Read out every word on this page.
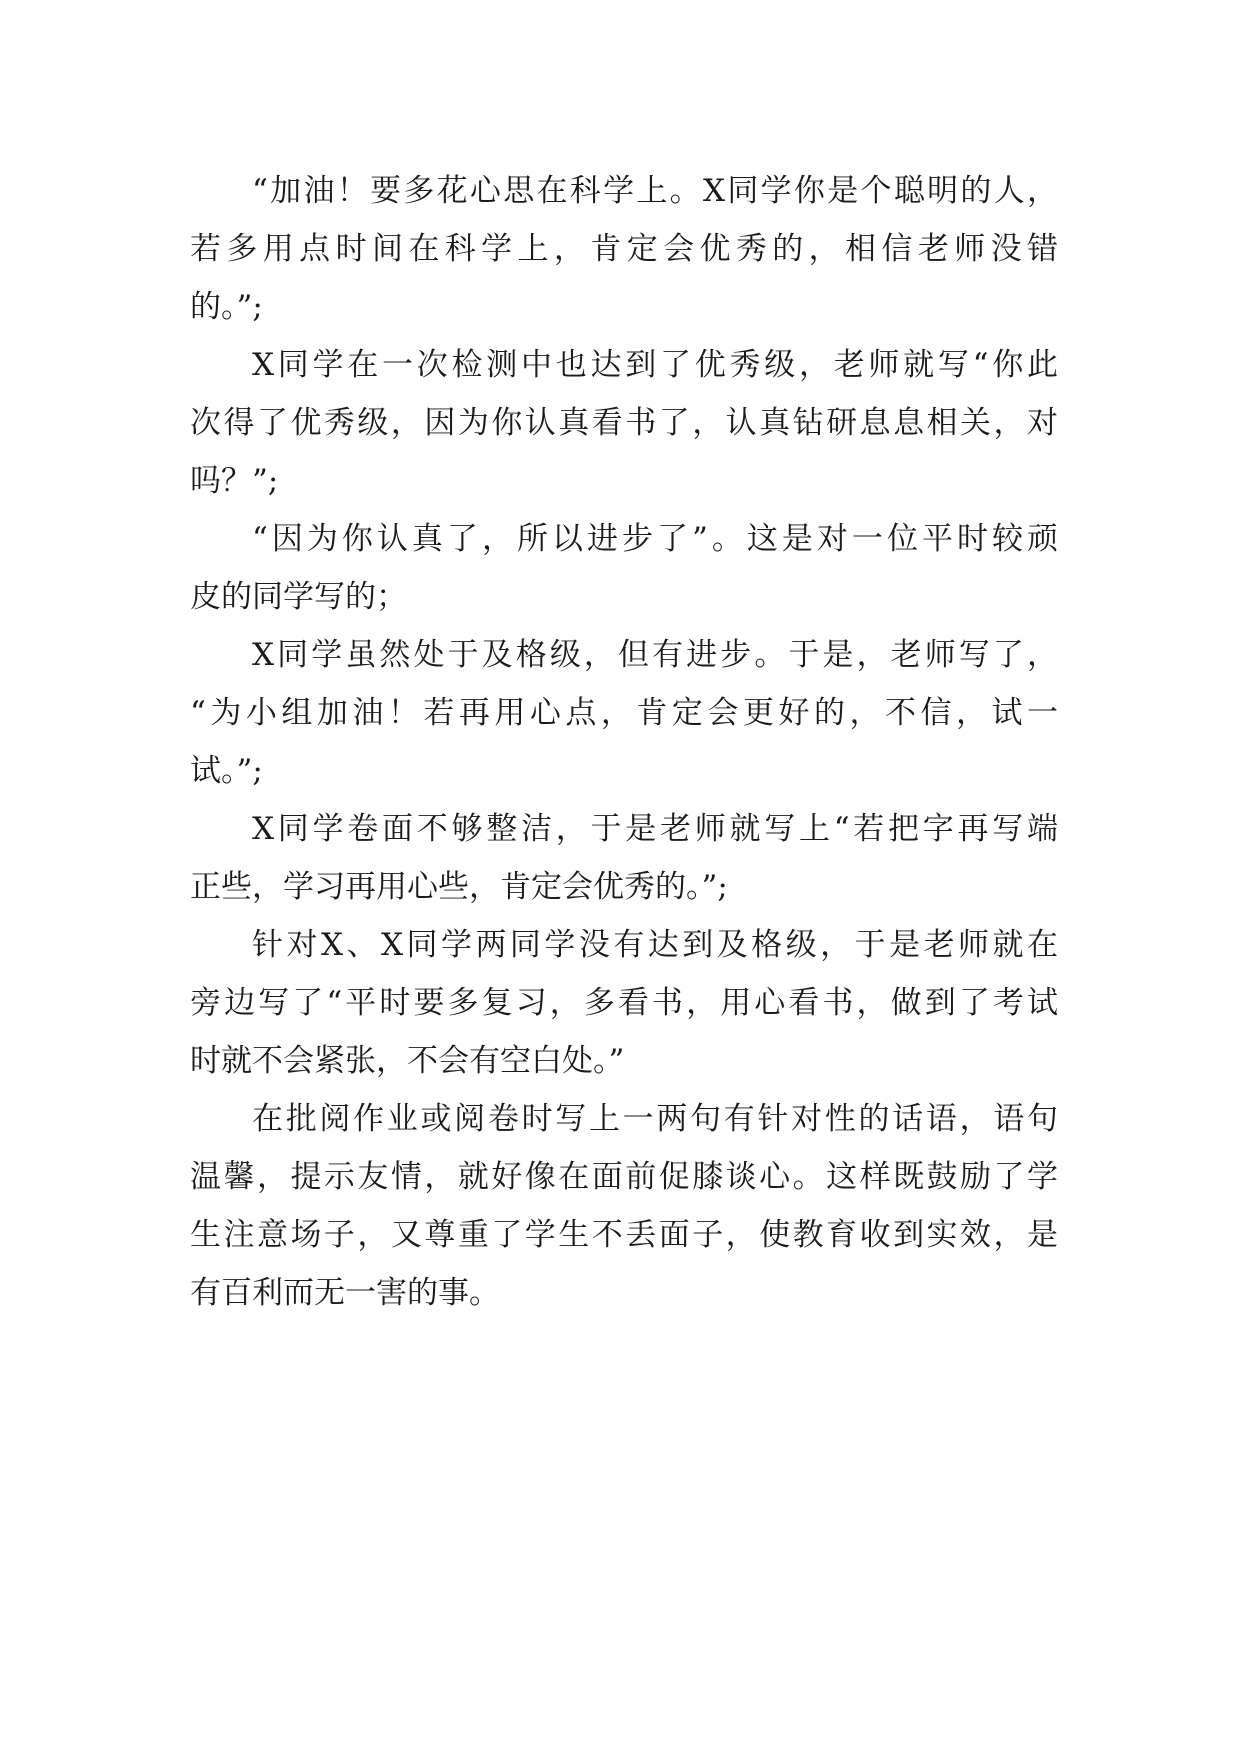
“加油！要多花心思在科学上。X同学你是个聪明的人，
若多用点时间在科学上，肯定会优秀的，相信老师没错
的。”;
X同学在一次检测中也达到了优秀级，老师就写“你此
次得了优秀级，因为你认真看书了，认真钻研息息相关，对
吗？”;
“因为你认真了，所以进步了”。这是对一位平时较顽
皮的同学写的；
X同学虽然处于及格级，但有进步。于是，老师写了，
“为小组加油！若再用心点，肯定会更好的，不信，试一
试。”;
X同学卷面不够整洁，于是老师就写上“若把字再写端
正些，学习再用心些，肯定会优秀的。”;
针对X、X同学两同学没有达到及格级，于是老师就在
旁边写了“平时要多复习，多看书，用心看书，做到了考试
时就不会紧张，不会有空白处。”
在批阅作业或阅卷时写上一两句有针对性的话语，语句
温馨，提示友情，就好像在面前促膝谈心。这样既鼓励了学
生注意场子，又尊重了学生不丢面子，使教育收到实效，是
有百利而无一害的事。
